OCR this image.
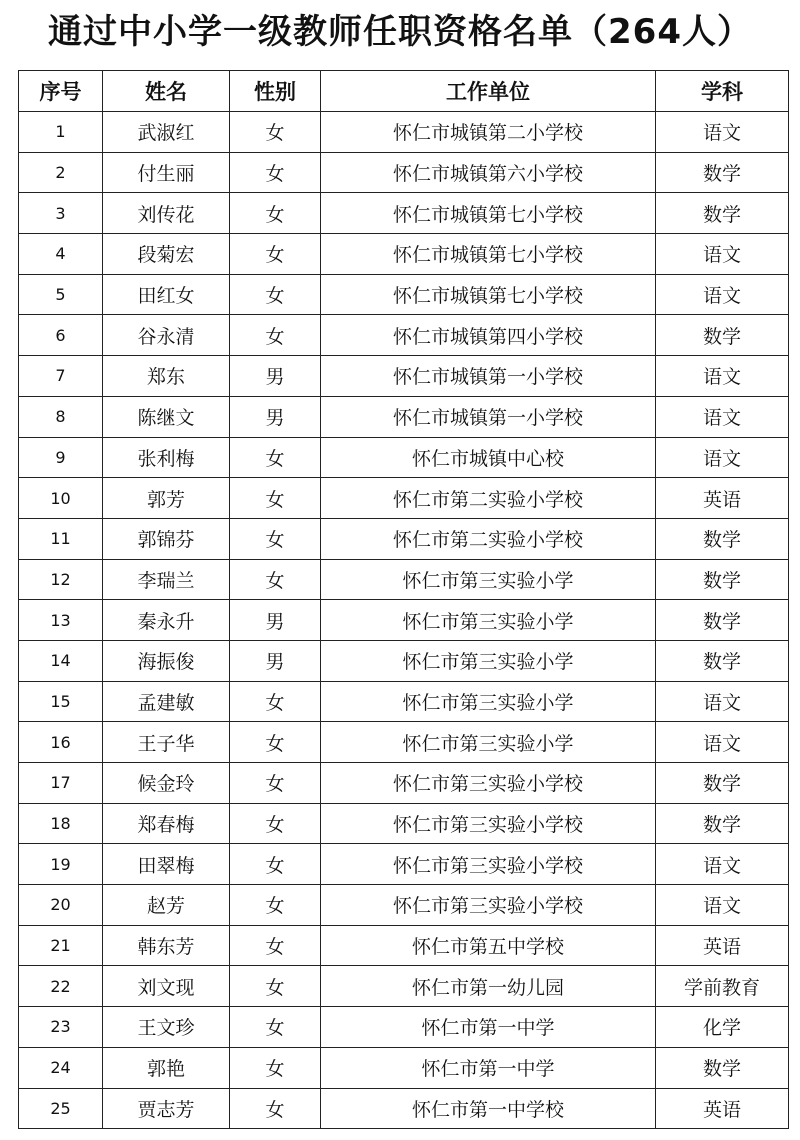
通过中小学一级教师任职资格名单（264人）
序号	姓名	性别	工作单位	学科
1	武淑红	女	怀仁市城镇第二小学校	语文
2	付生丽	女	怀仁市城镇第六小学校	数学
3	刘传花	女	怀仁市城镇第七小学校	数学
4	段菊宏	女	怀仁市城镇第七小学校	语文
5	田红女	女	怀仁市城镇第七小学校	语文
6	谷永清	女	怀仁市城镇第四小学校	数学
7	郑东	男	怀仁市城镇第一小学校	语文
8	陈继文	男	怀仁市城镇第一小学校	语文
9	张利梅	女	怀仁市城镇中心校	语文
10	郭芳	女	怀仁市第二实验小学校	英语
11	郭锦芬	女	怀仁市第二实验小学校	数学
12	李瑞兰	女	怀仁市第三实验小学	数学
13	秦永升	男	怀仁市第三实验小学	数学
14	海振俊	男	怀仁市第三实验小学	数学
15	孟建敏	女	怀仁市第三实验小学	语文
16	王子华	女	怀仁市第三实验小学	语文
17	候金玲	女	怀仁市第三实验小学校	数学
18	郑春梅	女	怀仁市第三实验小学校	数学
19	田翠梅	女	怀仁市第三实验小学校	语文
20	赵芳	女	怀仁市第三实验小学校	语文
21	韩东芳	女	怀仁市第五中学校	英语
22	刘文现	女	怀仁市第一幼儿园	学前教育
23	王文珍	女	怀仁市第一中学	化学
24	郭艳	女	怀仁市第一中学	数学
25	贾志芳	女	怀仁市第一中学校	英语
